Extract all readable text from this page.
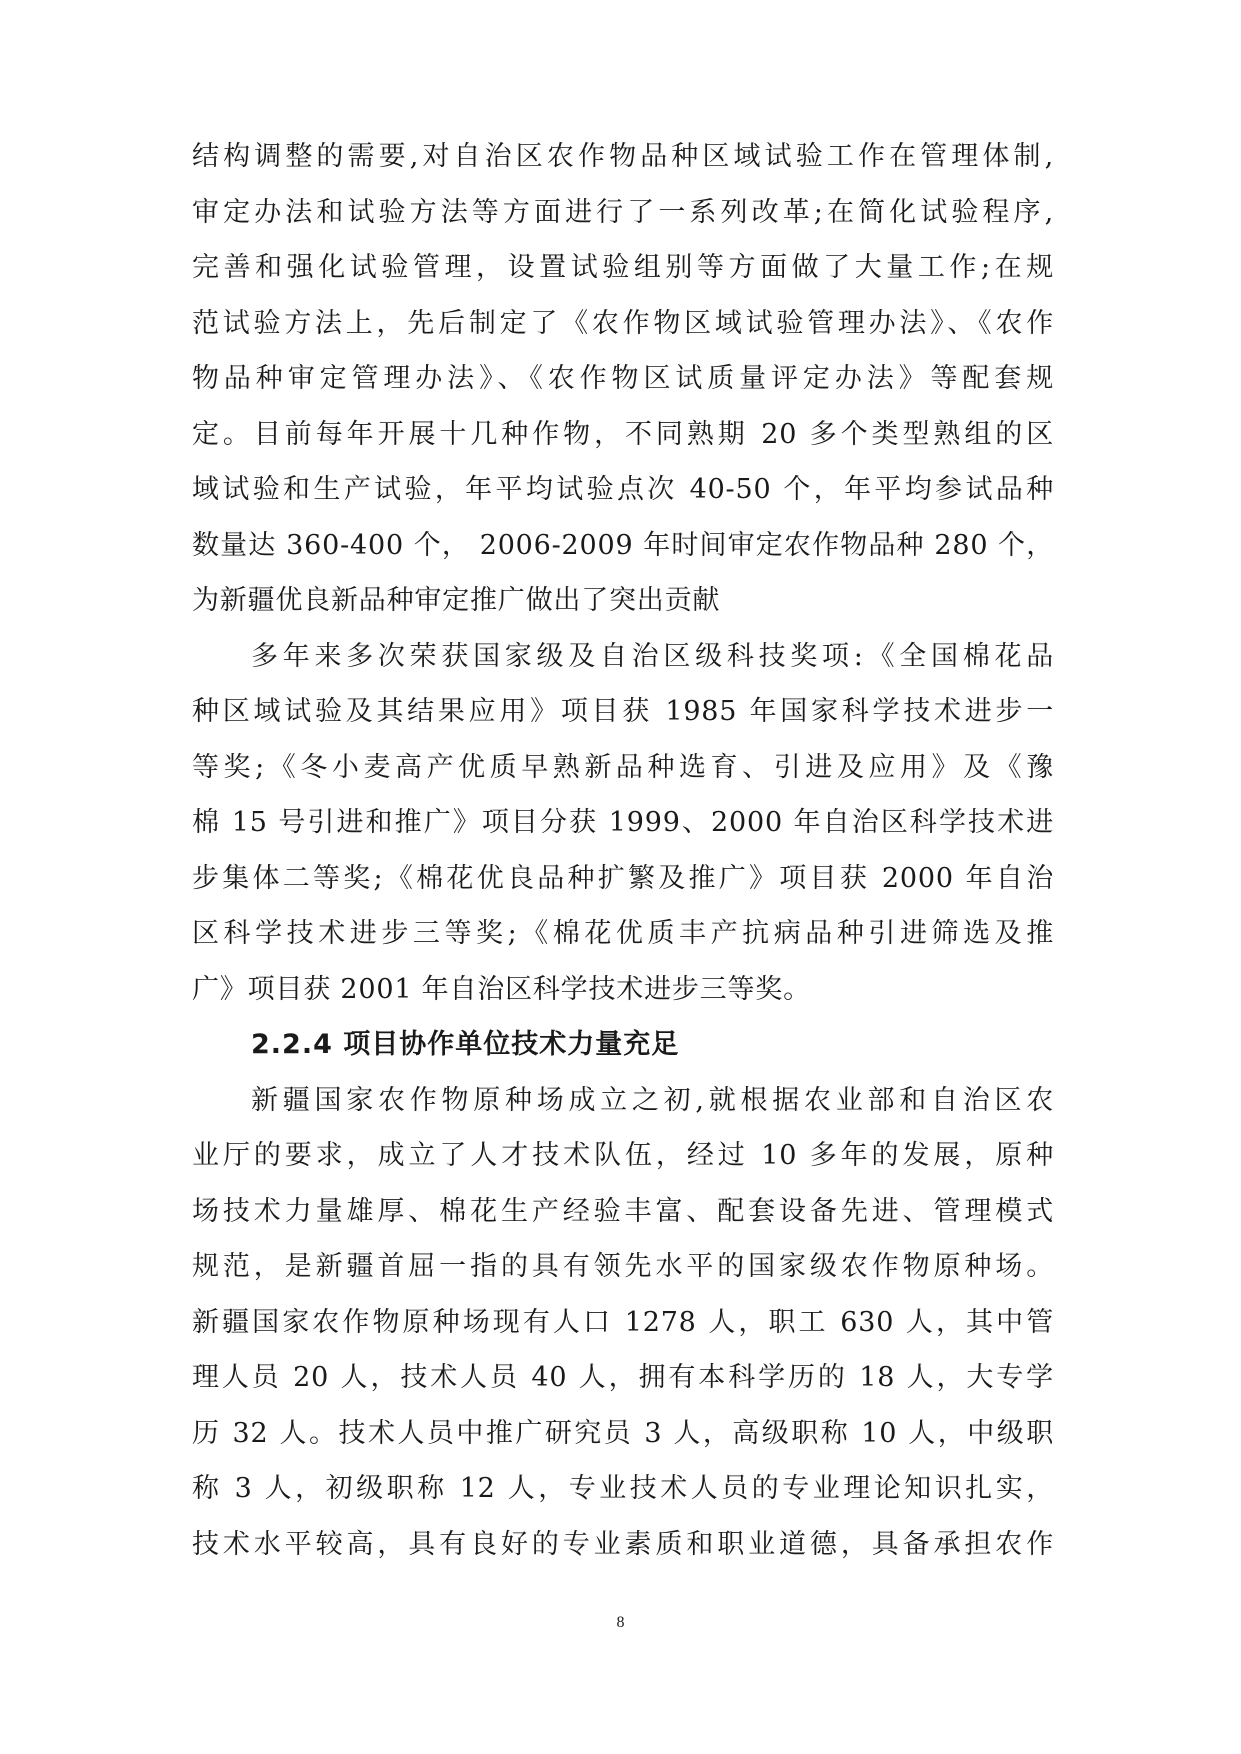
结构调整的需要,对自治区农作物品种区域试验工作在管理体制,
审定办法和试验方法等方面进行了一系列改革;在简化试验程序,
完善和强化试验管理，设置试验组别等方面做了大量工作;在规
范试验方法上，先后制定了《农作物区域试验管理办法》、《农作
物品种审定管理办法》、《农作物区试质量评定办法》等配套规
定。目前每年开展十几种作物，不同熟期 20 多个类型熟组的区
域试验和生产试验，年平均试验点次 40-50 个，年平均参试品种
数量达 360-400 个， 2006-2009 年时间审定农作物品种 280 个，
为新疆优良新品种审定推广做出了突出贡献
多年来多次荣获国家级及自治区级科技奖项:《全国棉花品
种区域试验及其结果应用》项目获 1985 年国家科学技术进步一
等奖;《冬小麦高产优质早熟新品种选育、引进及应用》及《豫
棉 15 号引进和推广》项目分获 1999、2000 年自治区科学技术进
步集体二等奖;《棉花优良品种扩繁及推广》项目获 2000 年自治
区科学技术进步三等奖;《棉花优质丰产抗病品种引进筛选及推
广》项目获 2001 年自治区科学技术进步三等奖。
2.2.4 项目协作单位技术力量充足
新疆国家农作物原种场成立之初,就根据农业部和自治区农
业厅的要求，成立了人才技术队伍，经过 10 多年的发展，原种
场技术力量雄厚、棉花生产经验丰富、配套设备先进、管理模式
规范，是新疆首屈一指的具有领先水平的国家级农作物原种场。
新疆国家农作物原种场现有人口 1278 人，职工 630 人，其中管
理人员 20 人，技术人员 40 人，拥有本科学历的 18 人，大专学
历 32 人。技术人员中推广研究员 3 人，高级职称 10 人，中级职
称 3 人，初级职称 12 人，专业技术人员的专业理论知识扎实，
技术水平较高，具有良好的专业素质和职业道德，具备承担农作
8
